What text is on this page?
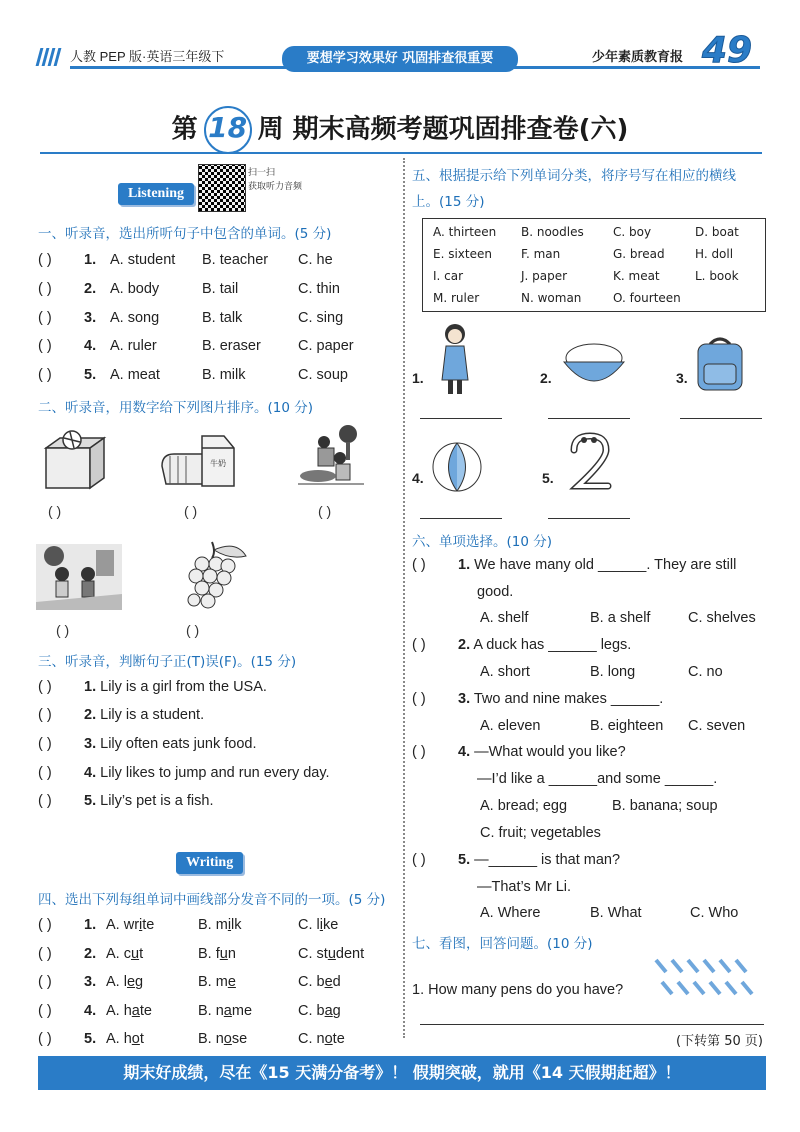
人教 PEP 版·英语三年级下	要想学习效果好 巩固排查很重要	少年素质教育报 49
第 18 周 期末高频考题巩固排查卷(六)
Listening
扫一扫
获取听力音频
一、听录音，选出所听句子中包含的单词。(5 分)
( ) 1. A. student B. teacher C. he
( ) 2. A. body	B. tail	C. thin
( ) 3. A. song	B. talk	C. sing
( ) 4. A. ruler	B. eraser	C. paper
( ) 5. A. meat	B. milk	C. soup
二、听录音，用数字给下列图片排序。(10 分)
( )
牛奶
( )	( )
( )	( )
三、听录音，判断句子正(T)误(F)。(15 分)
( ) 1. Lily is a girl from the USA.
( ) 2. Lily is a student.
( ) 3. Lily often eats junk food.
( ) 4. Lily likes to jump and run every day.
( ) 5. Lily’s pet is a fish.
Writing
四、选出下列每组单词中画线部分发音不同的一项。(5 分)
( ) 1. A. write	B. milk	C. like
( ) 2. A. cut	B. fun	C. student
( ) 3. A. leg	B. me	C. bed
( ) 4. A. hate	B. name	C. bag
( ) 5. A. hot	B. nose	C. note
五、根据提示给下列单词分类，将序号写在相应的横线
上。(15 分)
A. thirteen B. noodles C. boy	D. boat
E. sixteen F. man	G. bread	H. doll
I. car	J. paper	K. meat	L. book
M. ruler	N. woman	O. fourteen
1.	2.	3.
4.	5.
六、单项选择。(10 分)
( ) 1. We have many old ______. They are still
good.
A. shelf	B. a shelf	C. shelves
( ) 2. A duck has ______ legs.
A. short	B. long	C. no
( ) 3. Two and nine makes ______.
A. eleven	B. eighteen C. seven
( ) 4. —What would you like?
—I’d like a ______and some ______.
A. bread; egg	B. banana; soup
C. fruit; vegetables
( ) 5. —______ is that man?
—That’s Mr Li.
A. Where	B. What	C. Who
七、看图，回答问题。(10 分)
1. How many pens do you have?
(下转第 50 页)
期末好成绩，尽在《15 天满分备考》！ 假期突破，就用《14 天假期赶超》！
